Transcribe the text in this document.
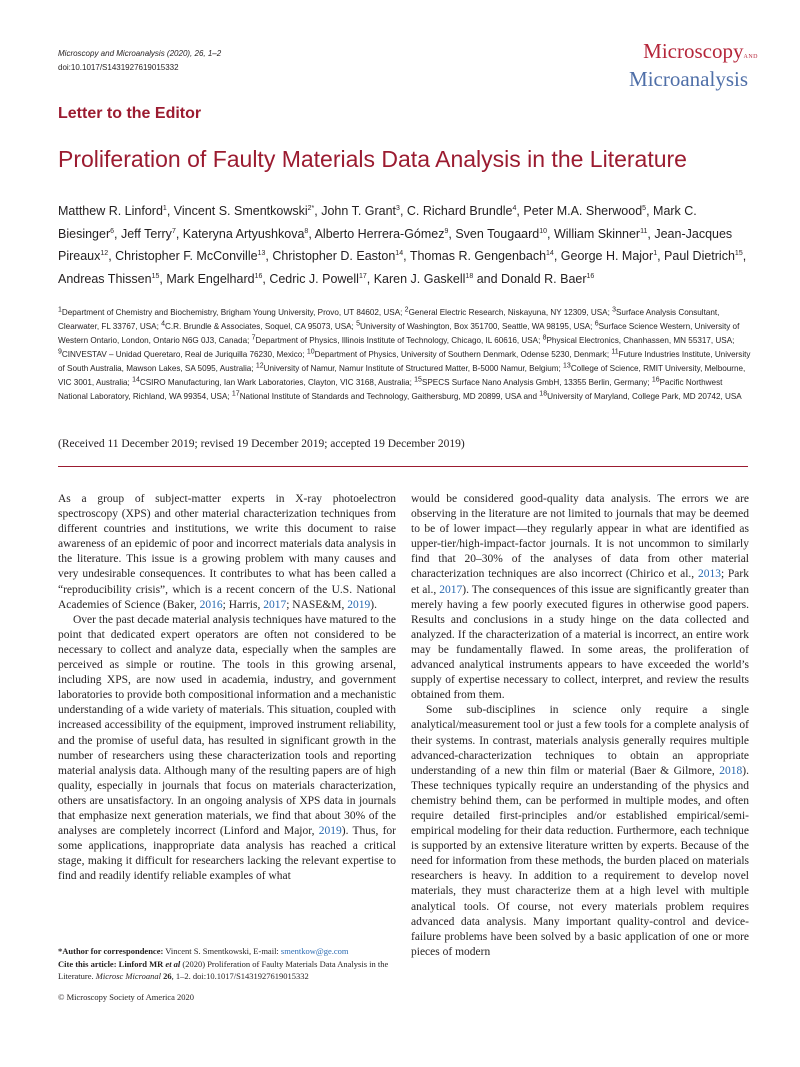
Microscopy and Microanalysis (2020), 26, 1–2
doi:10.1017/S1431927619015332
MicroscopyAND
Microanalysis
Letter to the Editor
Proliferation of Faulty Materials Data Analysis in the Literature
Matthew R. Linford$^1$, Vincent S. Smentkowski$^{2*}$, John T. Grant$^3$, C. Richard Brundle$^4$, Peter M.A. Sherwood$^5$, Mark C. Biesinger$^6$, Jeff Terry$^7$, Kateryna Artyushkova$^8$, Alberto Herrera-Gómez$^9$, Sven Tougaard$^{10}$, William Skinner$^{11}$, Jean-Jacques Pireaux$^{12}$, Christopher F. McConville$^{13}$, Christopher D. Easton$^{14}$, Thomas R. Gengenbach$^{14}$, George H. Major$^1$, Paul Dietrich$^{15}$, Andreas Thissen$^{15}$, Mark Engelhard$^{16}$, Cedric J. Powell$^{17}$, Karen J. Gaskell$^{18}$ and Donald R. Baer$^{16}$
$^1$Department of Chemistry and Biochemistry, Brigham Young University, Provo, UT 84602, USA; $^2$General Electric Research, Niskayuna, NY 12309, USA; $^3$Surface Analysis Consultant, Clearwater, FL 33767, USA; $^4$C.R. Brundle & Associates, Soquel, CA 95073, USA; $^5$University of Washington, Box 351700, Seattle, WA 98195, USA; $^6$Surface Science Western, University of Western Ontario, London, Ontario N6G 0J3, Canada; $^7$Department of Physics, Illinois Institute of Technology, Chicago, IL 60616, USA; $^8$Physical Electronics, Chanhassen, MN 55317, USA; $^9$CINVESTAV – Unidad Queretaro, Real de Juriquilla 76230, Mexico; $^{10}$Department of Physics, University of Southern Denmark, Odense 5230, Denmark; $^{11}$Future Industries Institute, University of South Australia, Mawson Lakes, SA 5095, Australia; $^{12}$University of Namur, Namur Institute of Structured Matter, B-5000 Namur, Belgium; $^{13}$College of Science, RMIT University, Melbourne, VIC 3001, Australia; $^{14}$CSIRO Manufacturing, Ian Wark Laboratories, Clayton, VIC 3168, Australia; $^{15}$SPECS Surface Nano Analysis GmbH, 13355 Berlin, Germany; $^{16}$Pacific Northwest National Laboratory, Richland, WA 99354, USA; $^{17}$National Institute of Standards and Technology, Gaithersburg, MD 20899, USA and $^{18}$University of Maryland, College Park, MD 20742, USA
(Received 11 December 2019; revised 19 December 2019; accepted 19 December 2019)

As a group of subject-matter experts in X-ray photoelectron spectroscopy (XPS) and other material characterization techniques from different countries and institutions, we write this document to raise awareness of an epidemic of poor and incorrect materials data analysis in the literature. This issue is a growing problem with many causes and very undesirable consequences. It contributes to what has been called a “reproducibility crisis”, which is a recent concern of the U.S. National Academies of Science (Baker, 2016; Harris, 2017; NASE&M, 2019).

Over the past decade material analysis techniques have matured to the point that dedicated expert operators are often not considered to be necessary to collect and analyze data, especially when the samples are perceived as simple or routine. The tools in this growing arsenal, including XPS, are now used in academia, industry, and government laboratories to provide both compositional information and a mechanistic understanding of a wide variety of materials. This situation, coupled with increased accessibility of the equipment, improved instrument reliability, and the promise of useful data, has resulted in significant growth in the number of researchers using these characterization tools and reporting material analysis data. Although many of the resulting papers are of high quality, especially in journals that focus on materials characterization, others are unsatisfactory. In an ongoing analysis of XPS data in journals that emphasize next generation materials, we find that about 30% of the analyses are completely incorrect (Linford and Major, 2019). Thus, for some applications, inappropriate data analysis has reached a critical stage, making it difficult for researchers lacking the relevant expertise to find and readily identify reliable examples of what

would be considered good-quality data analysis. The errors we are observing in the literature are not limited to journals that may be deemed to be of lower impact—they regularly appear in what are identified as upper-tier/high-impact-factor journals. It is not uncommon to similarly find that 20–30% of the analyses of data from other material characterization techniques are also incorrect (Chirico et al., 2013; Park et al., 2017). The consequences of this issue are significantly greater than merely having a few poorly executed figures in otherwise good papers. Results and conclusions in a study hinge on the data collected and analyzed. If the characterization of a material is incorrect, an entire work may be fundamentally flawed. In some areas, the proliferation of advanced analytical instruments appears to have exceeded the world’s supply of expertise necessary to collect, interpret, and review the results obtained from them.

Some sub-disciplines in science only require a single analytical/measurement tool or just a few tools for a complete analysis of their systems. In contrast, materials analysis generally requires multiple advanced-characterization techniques to obtain an appropriate understanding of a new thin film or material (Baer & Gilmore, 2018). These techniques typically require an understanding of the physics and chemistry behind them, can be performed in multiple modes, and often require detailed first-principles and/or established empirical/semi-empirical modeling for their data reduction. Furthermore, each technique is supported by an extensive literature written by experts. Because of the need for information from these methods, the burden placed on materials researchers is heavy. In addition to a requirement to develop novel materials, they must characterize them at a high level with multiple analytical tools. Of course, not every materials problem requires advanced data analysis. Many important quality-control and device-failure problems have been solved by a basic application of one or more pieces of modern

*Author for correspondence: Vincent S. Smentkowski, E-mail: smentkow@ge.com
Cite this article: Linford MR et al (2020) Proliferation of Faulty Materials Data Analysis in the Literature. Microsc Microanal 26, 1–2. doi:10.1017/S1431927619015332
© Microscopy Society of America 2020
